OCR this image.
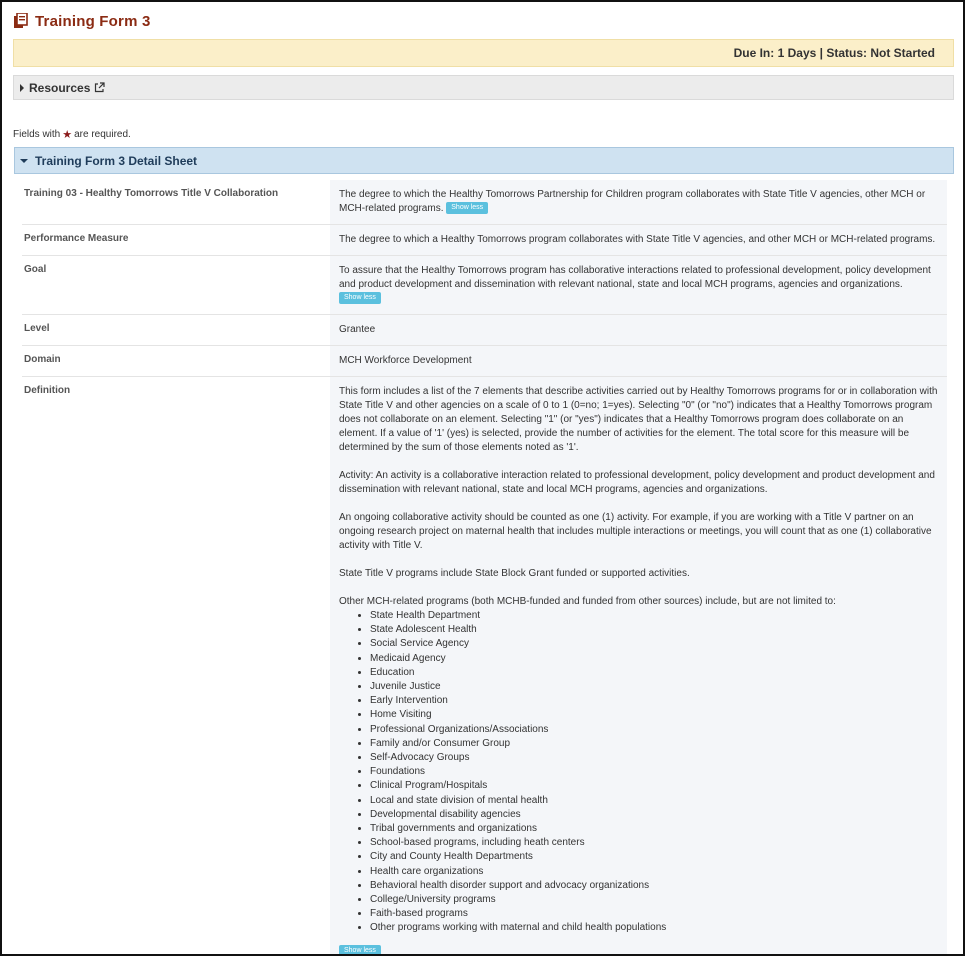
Training Form 3
Due In: 1 Days | Status: Not Started
Resources
Fields with ★ are required.
Training Form 3 Detail Sheet
Training 03 - Healthy Tomorrows Title V Collaboration	The degree to which the Healthy Tomorrows Partnership for Children program collaborates with State Title V agencies, other MCH or MCH-related programs. Show less
Performance Measure	The degree to which a Healthy Tomorrows program collaborates with State Title V agencies, and other MCH or MCH-related programs.
Goal	To assure that the Healthy Tomorrows program has collaborative interactions related to professional development, policy development and product development and dissemination with relevant national, state and local MCH programs, agencies and organizations. Show less
Level	Grantee
Domain	MCH Workforce Development
Definition	This form includes a list of the 7 elements that describe activities carried out by Healthy Tomorrows programs for or in collaboration with State Title V and other agencies on a scale of 0 to 1 (0=no; 1=yes). Selecting "0" (or "no") indicates that a Healthy Tomorrows program does not collaborate on an element. Selecting "1" (or "yes") indicates that a Healthy Tomorrows program does collaborate on an element. If a value of '1' (yes) is selected, provide the number of activities for the element. The total score for this measure will be determined by the sum of those elements noted as '1'.

Activity: An activity is a collaborative interaction related to professional development, policy development and product development and dissemination with relevant national, state and local MCH programs, agencies and organizations.

An ongoing collaborative activity should be counted as one (1) activity. For example, if you are working with a Title V partner on an ongoing research project on maternal health that includes multiple interactions or meetings, you will count that as one (1) collaborative activity with Title V.

State Title V programs include State Block Grant funded or supported activities.

Other MCH-related programs (both MCHB-funded and funded from other sources) include, but are not limited to:

• State Health Department
• State Adolescent Health
• Social Service Agency
• Medicaid Agency
• Education
• Juvenile Justice
• Early Intervention
• Home Visiting
• Professional Organizations/Associations
• Family and/or Consumer Group
• Self-Advocacy Groups
• Foundations
• Clinical Program/Hospitals
• Local and state division of mental health
• Developmental disability agencies
• Tribal governments and organizations
• School-based programs, including heath centers
• City and County Health Departments
• Health care organizations
• Behavioral health disorder support and advocacy organizations
• College/University programs
• Faith-based programs
• Other programs working with maternal and child health populations
Show less
